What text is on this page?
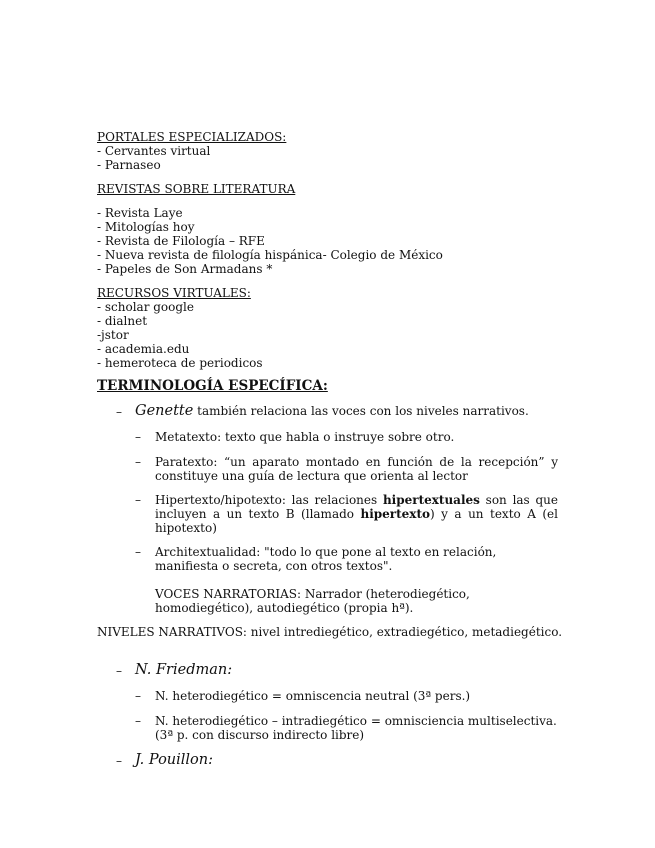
PORTALES ESPECIALIZADOS:
- Cervantes virtual
- Parnaseo
REVISTAS SOBRE LITERATURA
- Revista Laye
- Mitologías hoy
- Revista de Filología – RFE
- Nueva revista de filología hispánica- Colegio de México
- Papeles de Son Armadans *
RECURSOS VIRTUALES:
- scholar google
- dialnet
-jstor
- academia.edu
- hemeroteca de periodicos
TERMINOLOGÍA ESPECÍFICA:
– Genette también relaciona las voces con los niveles narrativos.
– Metatexto: texto que habla o instruye sobre otro.
– Paratexto: “un aparato montado en función de la recepción” y constituye una guía de lectura que orienta al lector
– Hipertexto/hipotexto: las relaciones hipertextuales son las que incluyen a un texto B (llamado hipertexto) y a un texto A (el hipotexto)
– Architextualidad: "todo lo que pone al texto en relación, manifiesta o secreta, con otros textos".
VOCES NARRATORIAS: Narrador (heterodiegético,
homodiegético), autodiegético (propia hª).
NIVELES NARRATIVOS: nivel intrediegético, extradiegético, metadiegético.
– N. Friedman:
– N. heterodiegético = omniscencia neutral (3ª pers.)
– N. heterodiegético – intradiegético = omnisciencia multiselectiva.
(3ª p. con discurso indirecto libre)
– J. Pouillon:
